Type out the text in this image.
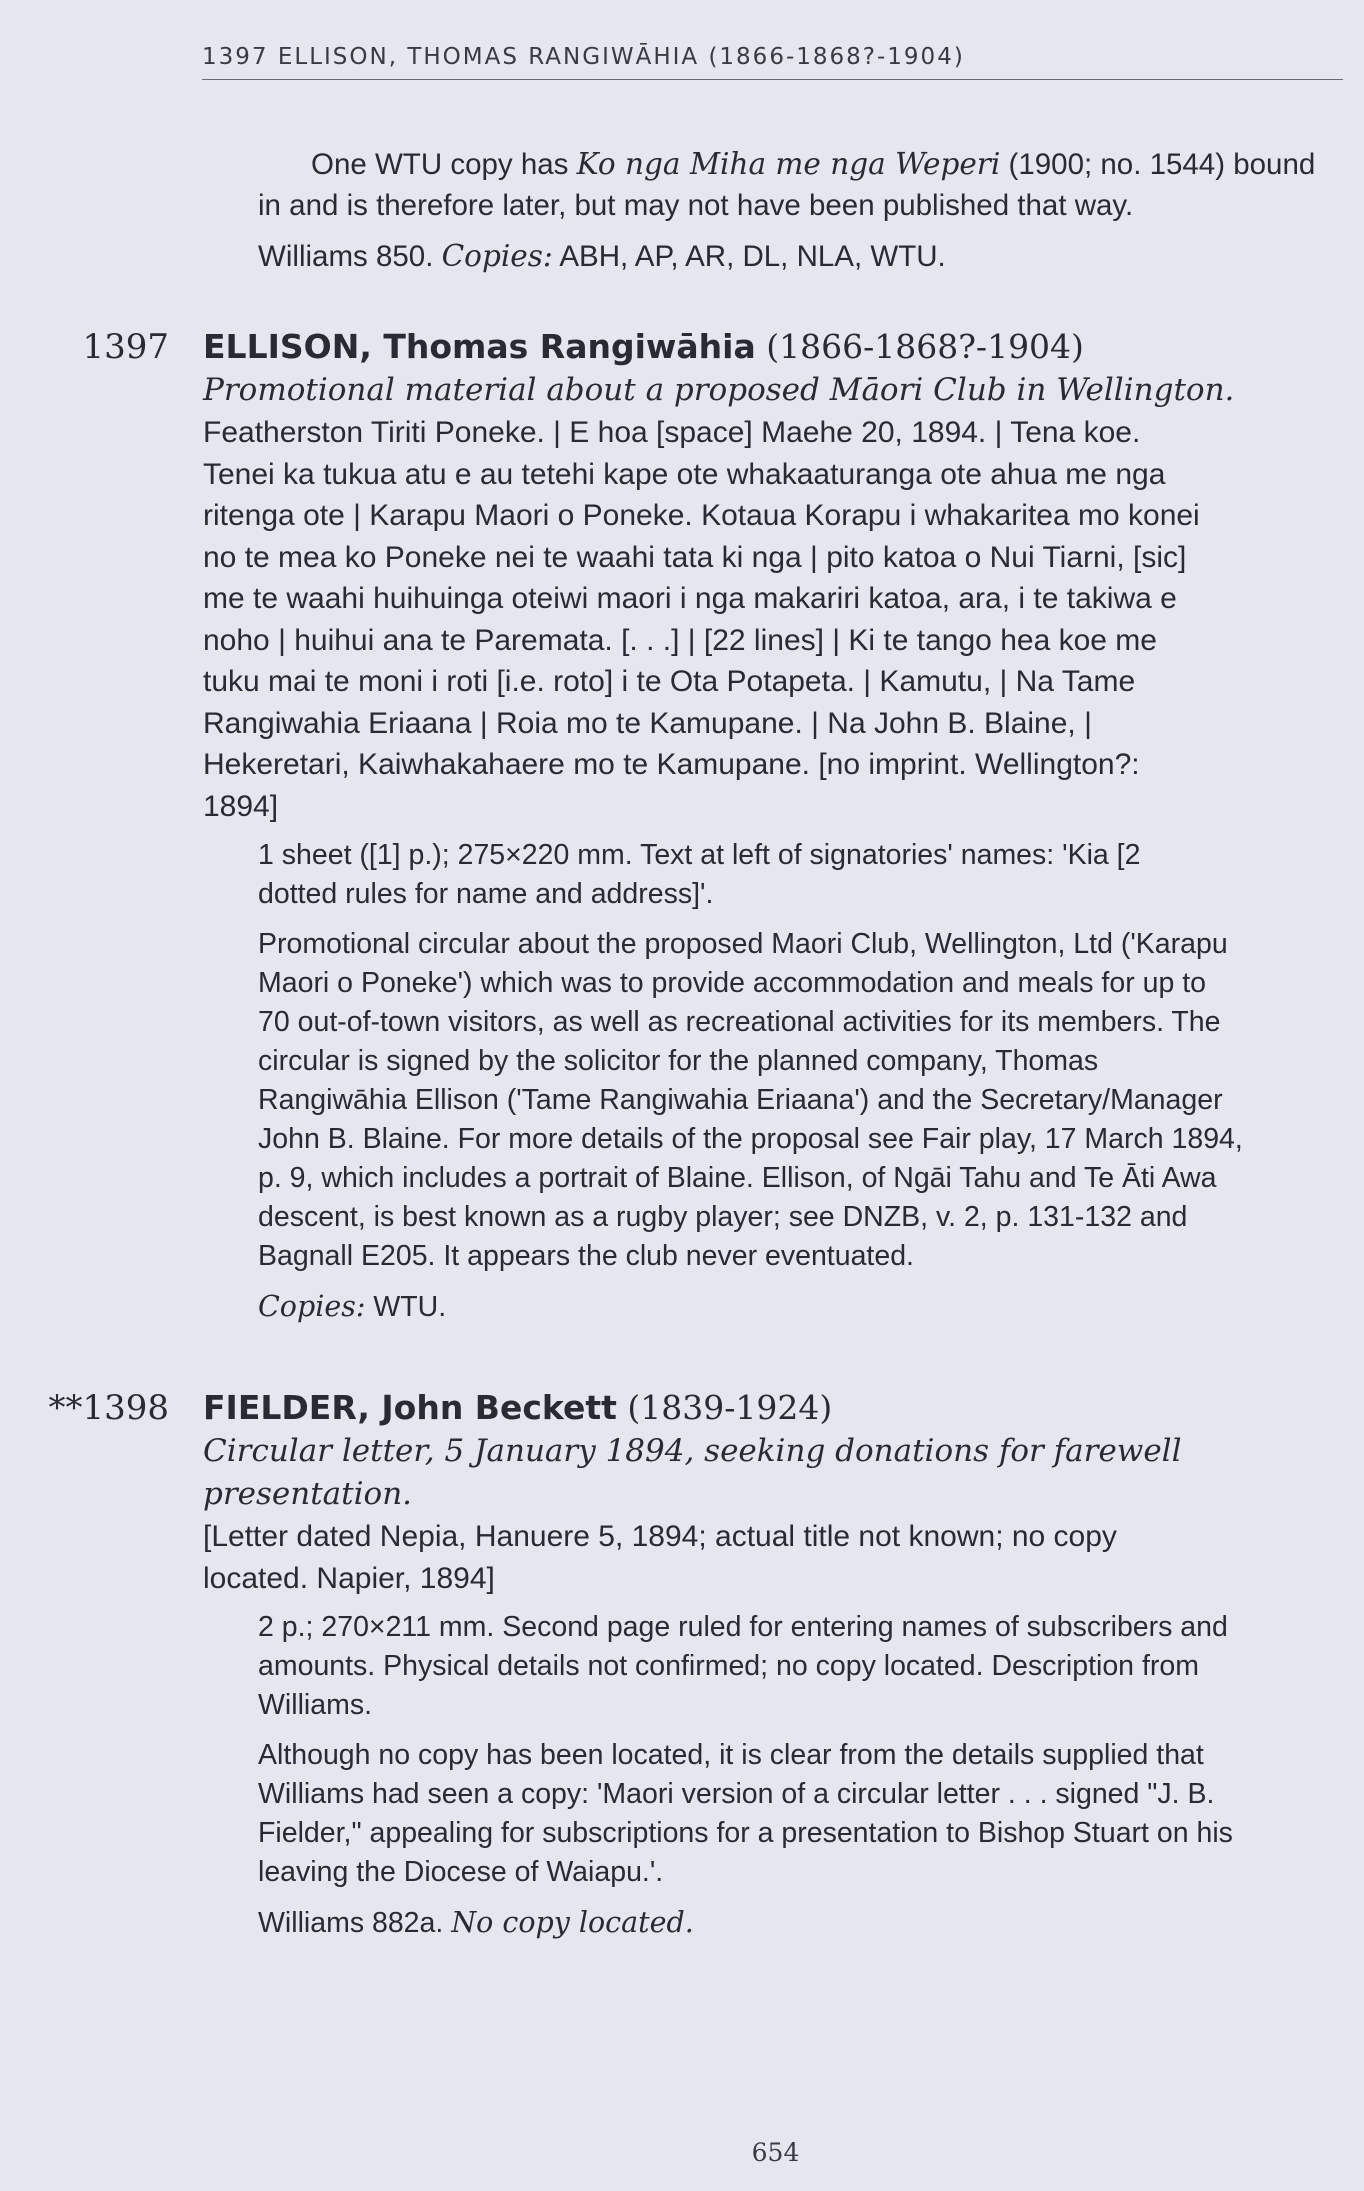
1397 ELLISON, THOMAS RANGIWĀHIA (1866-1868?-1904)

One WTU copy has Ko nga Miha me nga Weperi (1900; no. 1544) bound

in and is therefore later, but may not have been published that way.

Williams 850. Copies: ABH, AP, AR, DL, NLA, WTU.

1397 ELLISON, Thomas Rangiwāhia (1866-1868?-1904)

Promotional material about a proposed Māori Club in Wellington.

Featherston Tiriti Poneke. | E hoa [space] Maehe 20, 1894. | Tena koe.

Tenei ka tukua atu e au tetehi kape ote whakaaturanga ote ahua me nga

ritenga ote | Karapu Maori o Poneke. Kotaua Korapu i whakaritea mo konei

no te mea ko Poneke nei te waahi tata ki nga | pito katoa o Nui Tiarni, [sic]

me te waahi huihuinga oteiwi maori i nga makariri katoa, ara, i te takiwa e

noho | huihui ana te Paremata. [. . .] | [22 lines] | Ki te tango hea koe me

tuku mai te moni i roti [i.e. roto] i te Ota Potapeta. | Kamutu, | Na Tame

Rangiwahia Eriaana | Roia mo te Kamupane. | Na John B. Blaine, |

Hekeretari, Kaiwhakahaere mo te Kamupane. [no imprint. Wellington?:

1894]

1 sheet ([1] p.); 275×220 mm. Text at left of signatories' names: 'Kia [2

dotted rules for name and address]'.

Promotional circular about the proposed Maori Club, Wellington, Ltd ('Karapu

Maori o Poneke') which was to provide accommodation and meals for up to

70 out-of-town visitors, as well as recreational activities for its members. The

circular is signed by the solicitor for the planned company, Thomas

Rangiwāhia Ellison ('Tame Rangiwahia Eriaana') and the Secretary/Manager

John B. Blaine. For more details of the proposal see Fair play, 17 March 1894,

p. 9, which includes a portrait of Blaine. Ellison, of Ngāi Tahu and Te Āti Awa

descent, is best known as a rugby player; see DNZB, v. 2, p. 131-132 and

Bagnall E205. It appears the club never eventuated.

Copies: WTU.

**1398 FIELDER, John Beckett (1839-1924)

Circular letter, 5 January 1894, seeking donations for farewell

presentation.

[Letter dated Nepia, Hanuere 5, 1894; actual title not known; no copy

located. Napier, 1894]

2 p.; 270×211 mm. Second page ruled for entering names of subscribers and

amounts. Physical details not confirmed; no copy located. Description from

Williams.

Although no copy has been located, it is clear from the details supplied that

Williams had seen a copy: 'Maori version of a circular letter . . . signed "J. B.

Fielder," appealing for subscriptions for a presentation to Bishop Stuart on his

leaving the Diocese of Waiapu.'.

Williams 882a. No copy located.

654
